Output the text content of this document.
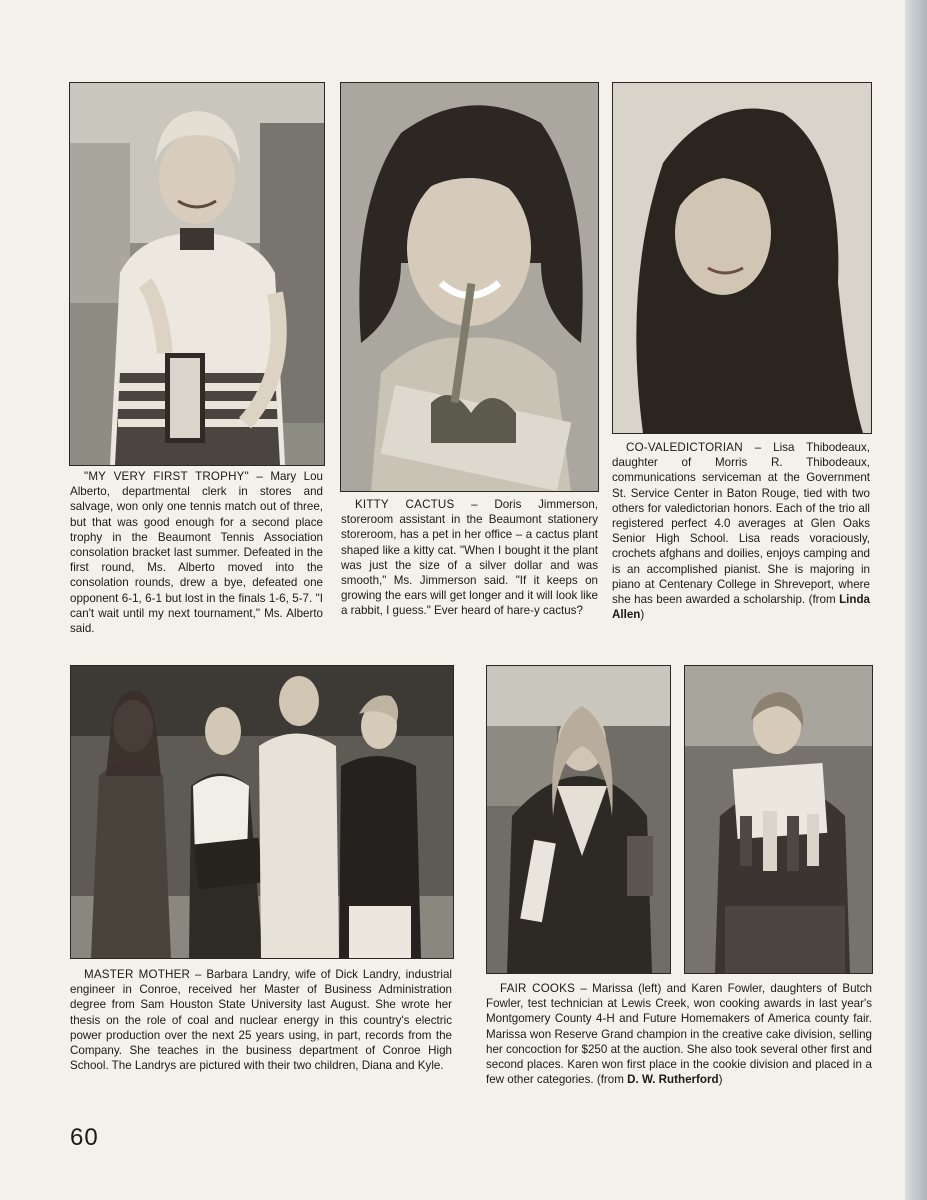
"MY VERY FIRST TROPHY" – Mary Lou Alberto, departmental clerk in stores and salvage, won only one tennis match out of three, but that was good enough for a second place trophy in the Beaumont Tennis Association consolation bracket last summer. Defeated in the first round, Ms. Alberto moved into the consolation rounds, drew a bye, defeated one opponent 6-1, 6-1 but lost in the finals 1-6, 5-7. "I can't wait until my next tournament," Ms. Alberto said.

KITTY CACTUS – Doris Jimmerson, storeroom assistant in the Beaumont stationery storeroom, has a pet in her office – a cactus plant shaped like a kitty cat. "When I bought it the plant was just the size of a silver dollar and was smooth," Ms. Jimmerson said. "If it keeps on growing the ears will get longer and it will look like a rabbit, I guess." Ever heard of hare-y cactus?

CO-VALEDICTORIAN – Lisa Thibodeaux, daughter of Morris R. Thibodeaux, communications serviceman at the Government St. Service Center in Baton Rouge, tied with two others for valedictorian honors. Each of the trio all registered perfect 4.0 averages at Glen Oaks Senior High School. Lisa reads voraciously, crochets afghans and doilies, enjoys camping and is an accomplished pianist. She is majoring in piano at Centenary College in Shreveport, where she has been awarded a scholarship. (from Linda Allen)

MASTER MOTHER – Barbara Landry, wife of Dick Landry, industrial engineer in Conroe, received her Master of Business Administration degree from Sam Houston State University last August. She wrote her thesis on the role of coal and nuclear energy in this country's electric power production over the next 25 years using, in part, records from the Company. She teaches in the business department of Conroe High School. The Landrys are pictured with their two children, Diana and Kyle.

FAIR COOKS – Marissa (left) and Karen Fowler, daughters of Butch Fowler, test technician at Lewis Creek, won cooking awards in last year's Montgomery County 4-H and Future Homemakers of America county fair. Marissa won Reserve Grand champion in the creative cake division, selling her concoction for $250 at the auction. She also took several other first and second places. Karen won first place in the cookie division and placed in a few other categories. (from D. W. Rutherford)

60
